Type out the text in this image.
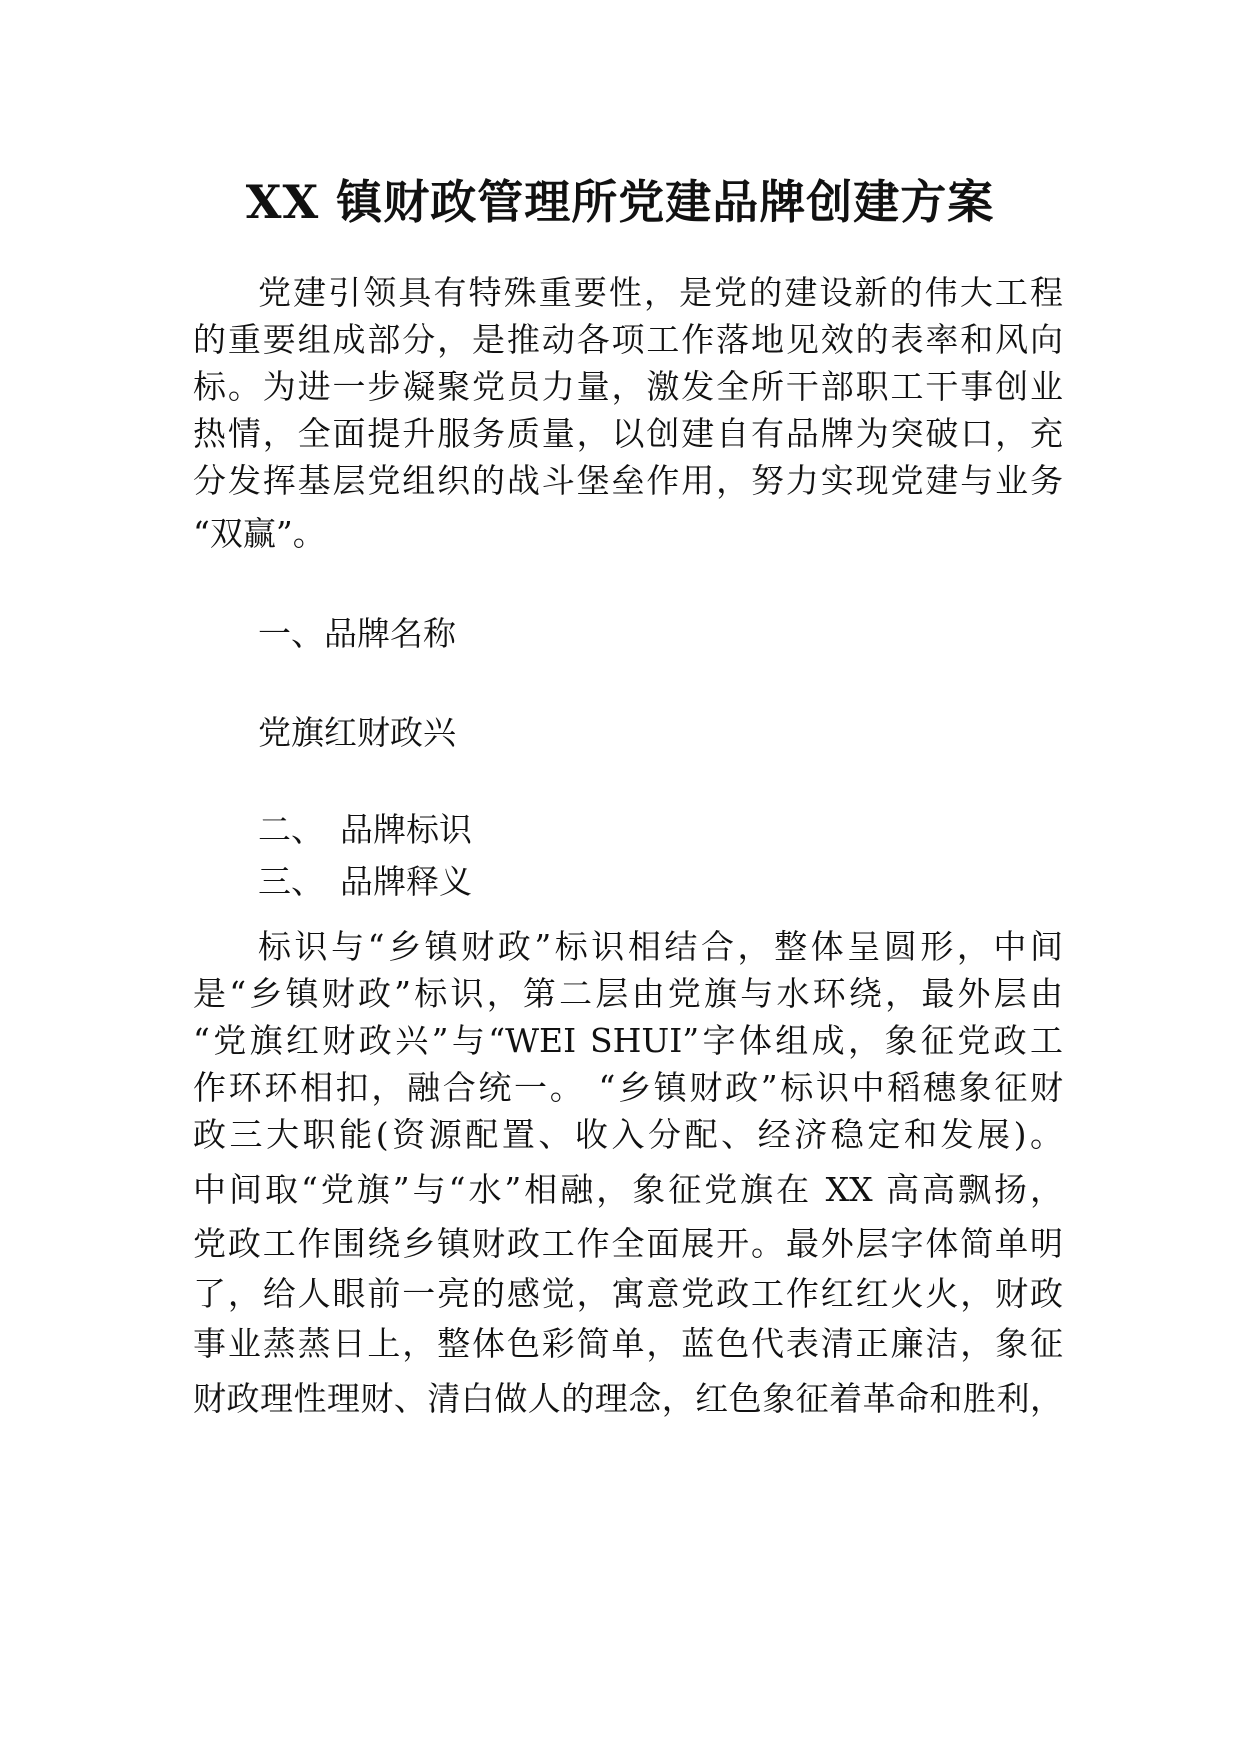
XX 镇财政管理所党建品牌创建方案
党建引领具有特殊重要性，是党的建设新的伟大工程
的重要组成部分，是推动各项工作落地见效的表率和风向
标。为进一步凝聚党员力量，激发全所干部职工干事创业
热情，全面提升服务质量，以创建自有品牌为突破口，充
分发挥基层党组织的战斗堡垒作用，努力实现党建与业务
“双赢”。
一、品牌名称
党旗红财政兴
二、 品牌标识
三、 品牌释义
标识与“乡镇财政”标识相结合，整体呈圆形，中间
是“乡镇财政”标识，第二层由党旗与水环绕，最外层由
“党旗红财政兴”与“WEI SHUI”字体组成，象征党政工
作环环相扣，融合统一。 “乡镇财政”标识中稻穗象征财
政三大职能(资源配置、收入分配、经济稳定和发展)。
中间取“党旗”与“水”相融，象征党旗在 XX 高高飘扬，
党政工作围绕乡镇财政工作全面展开。最外层字体简单明
了，给人眼前一亮的感觉，寓意党政工作红红火火，财政
事业蒸蒸日上，整体色彩简单，蓝色代表清正廉洁，象征
财政理性理财、清白做人的理念，红色象征着革命和胜利，
